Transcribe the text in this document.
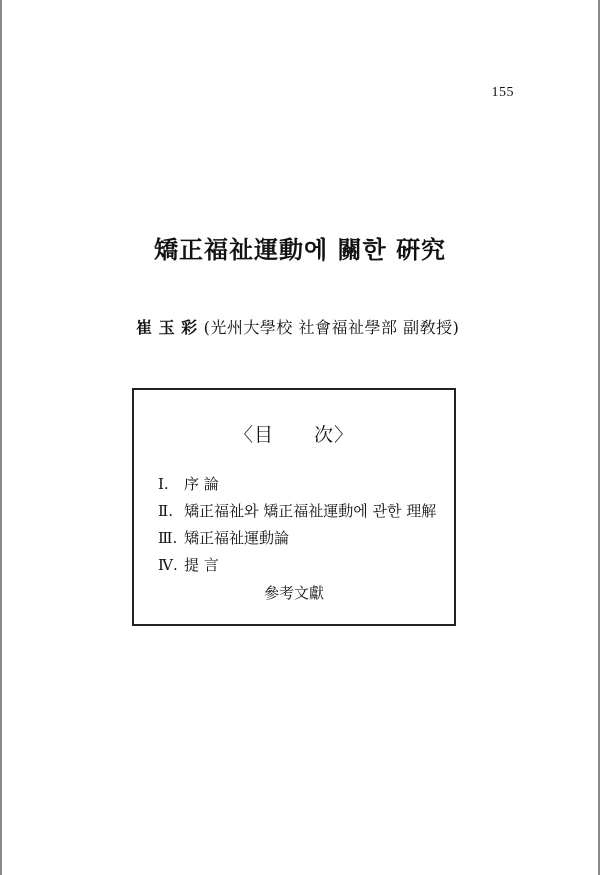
155
矯正福祉運動에 關한 硏究
崔 玉 彩 (光州大學校 社會福祉學部 副敎授)
〈目　　次〉
Ⅰ. 序 論
Ⅱ. 矯正福祉와 矯正福祉運動에 관한 理解
Ⅲ. 矯正福祉運動論
Ⅳ. 提 言
參考文獻
